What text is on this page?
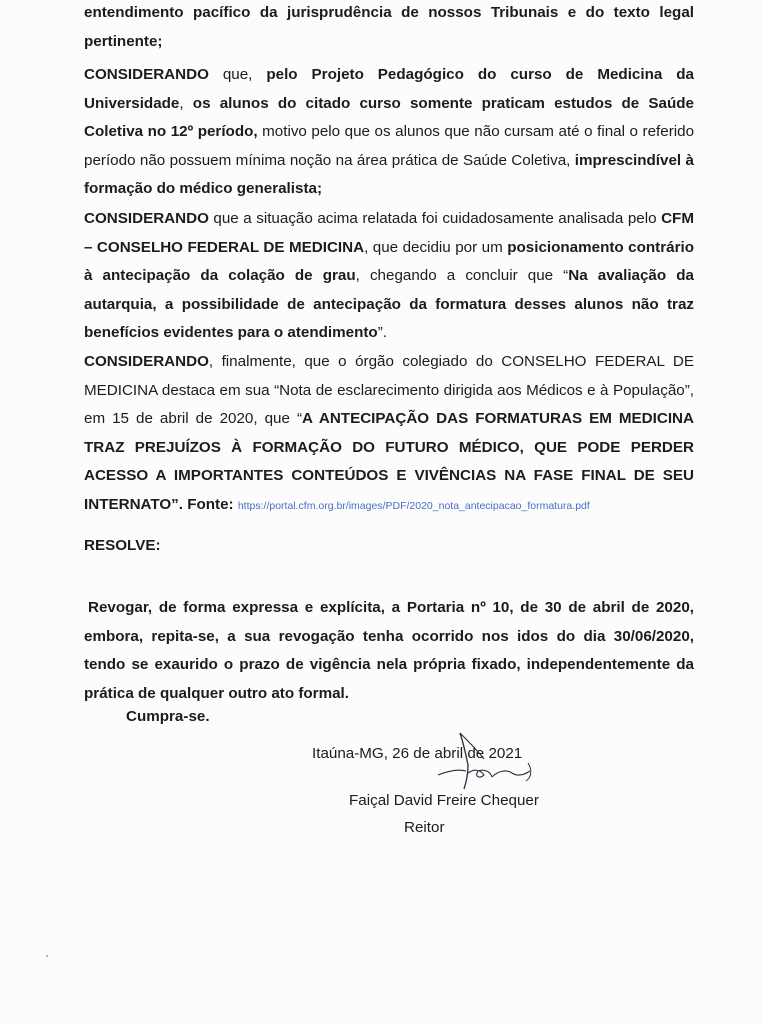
entendimento pacífico da jurisprudência de nossos Tribunais e do texto legal pertinente;

CONSIDERANDO que, pelo Projeto Pedagógico do curso de Medicina da Universidade, os alunos do citado curso somente praticam estudos de Saúde Coletiva no 12º período, motivo pelo que os alunos que não cursam até o final o referido período não possuem mínima noção na área prática de Saúde Coletiva, imprescindível à formação do médico generalista;

CONSIDERANDO que a situação acima relatada foi cuidadosamente analisada pelo CFM – CONSELHO FEDERAL DE MEDICINA, que decidiu por um posicionamento contrário à antecipação da colação de grau, chegando a concluir que “Na avaliação da autarquia, a possibilidade de antecipação da formatura desses alunos não traz benefícios evidentes para o atendimento”.

CONSIDERANDO, finalmente, que o órgão colegiado do CONSELHO FEDERAL DE MEDICINA destaca em sua “Nota de esclarecimento dirigida aos Médicos e à População”, em 15 de abril de 2020, que “A ANTECIPAÇÃO DAS FORMATURAS EM MEDICINA TRAZ PREJUÍZOS À FORMAÇÃO DO FUTURO MÉDICO, QUE PODE PERDER ACESSO A IMPORTANTES CONTEÚDOS E VIVÊNCIAS NA FASE FINAL DE SEU INTERNATO”. Fonte: https://portal.cfm.org.br/images/PDF/2020_nota_antecipacao_formatura.pdf

RESOLVE:

Revogar, de forma expressa e explícita, a Portaria nº 10, de 30 de abril de 2020, embora, repita-se, a sua revogação tenha ocorrido nos idos do dia 30/06/2020, tendo se exaurido o prazo de vigência nela própria fixado, independentemente da prática de qualquer outro ato formal.

Cumpra-se.

Itaúna-MG, 26 de abril de 2021

Faiçal David Freire Chequer

Reitor
